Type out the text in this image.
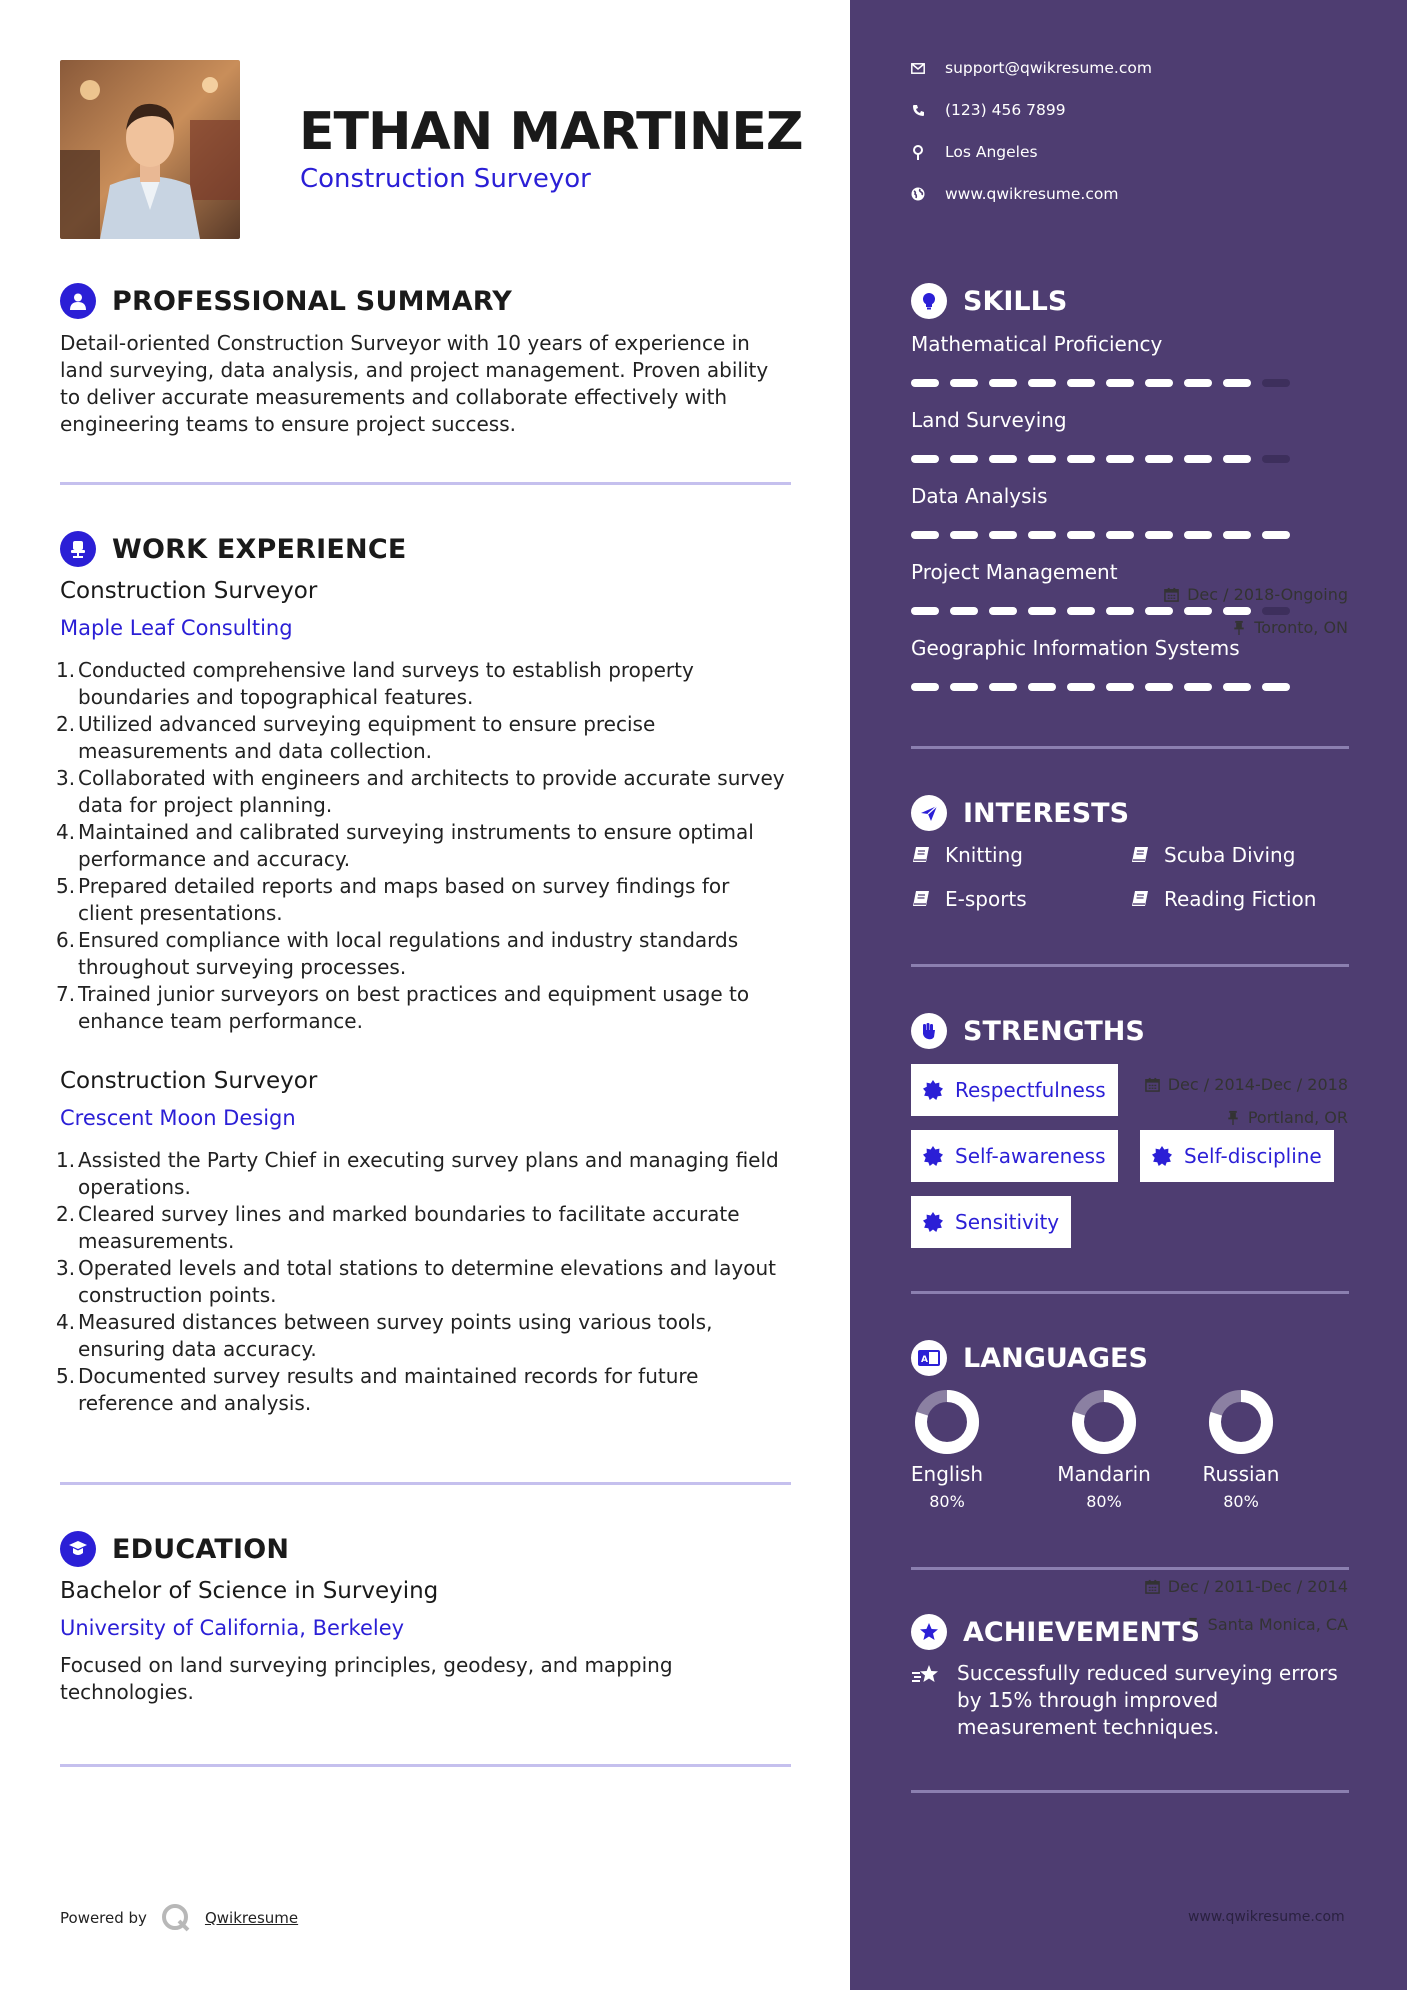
ETHAN MARTINEZ
Construction Surveyor
PROFESSIONAL SUMMARY
Detail-oriented Construction Surveyor with 10 years of experience in land surveying, data analysis, and project management. Proven ability to deliver accurate measurements and collaborate effectively with engineering teams to ensure project success.
WORK EXPERIENCE
Construction Surveyor	Dec / 2018-Ongoing
Maple Leaf Consulting	Toronto, ON
1. Conducted comprehensive land surveys to establish property boundaries and topographical features.
2. Utilized advanced surveying equipment to ensure precise measurements and data collection.
3. Collaborated with engineers and architects to provide accurate survey data for project planning.
4. Maintained and calibrated surveying instruments to ensure optimal performance and accuracy.
5. Prepared detailed reports and maps based on survey findings for client presentations.
6. Ensured compliance with local regulations and industry standards throughout surveying processes.
7. Trained junior surveyors on best practices and equipment usage to enhance team performance.
Construction Surveyor	Dec / 2014-Dec / 2018
Crescent Moon Design	Portland, OR
1. Assisted the Party Chief in executing survey plans and managing field operations.
2. Cleared survey lines and marked boundaries to facilitate accurate measurements.
3. Operated levels and total stations to determine elevations and layout construction points.
4. Measured distances between survey points using various tools, ensuring data accuracy.
5. Documented survey results and maintained records for future reference and analysis.
EDUCATION
Bachelor of Science in Surveying	Dec / 2011-Dec / 2014
University of California, Berkeley	Santa Monica, CA
Focused on land surveying principles, geodesy, and mapping technologies.
Powered by	Qwikresume
support@qwikresume.com
(123) 456 7899
Los Angeles
www.qwikresume.com
SKILLS
Mathematical Proficiency
Land Surveying
Data Analysis
Project Management
Geographic Information Systems
INTERESTS
Knitting	Scuba Diving
E-sports	Reading Fiction
STRENGTHS
Respectfulness
Self-awareness	Self-discipline
Sensitivity
A LANGUAGES
English
80%
Mandarin
80%
Russian
80%
ACHIEVEMENTS
Successfully reduced surveying errors by 15% through improved measurement techniques.
www.qwikresume.com
